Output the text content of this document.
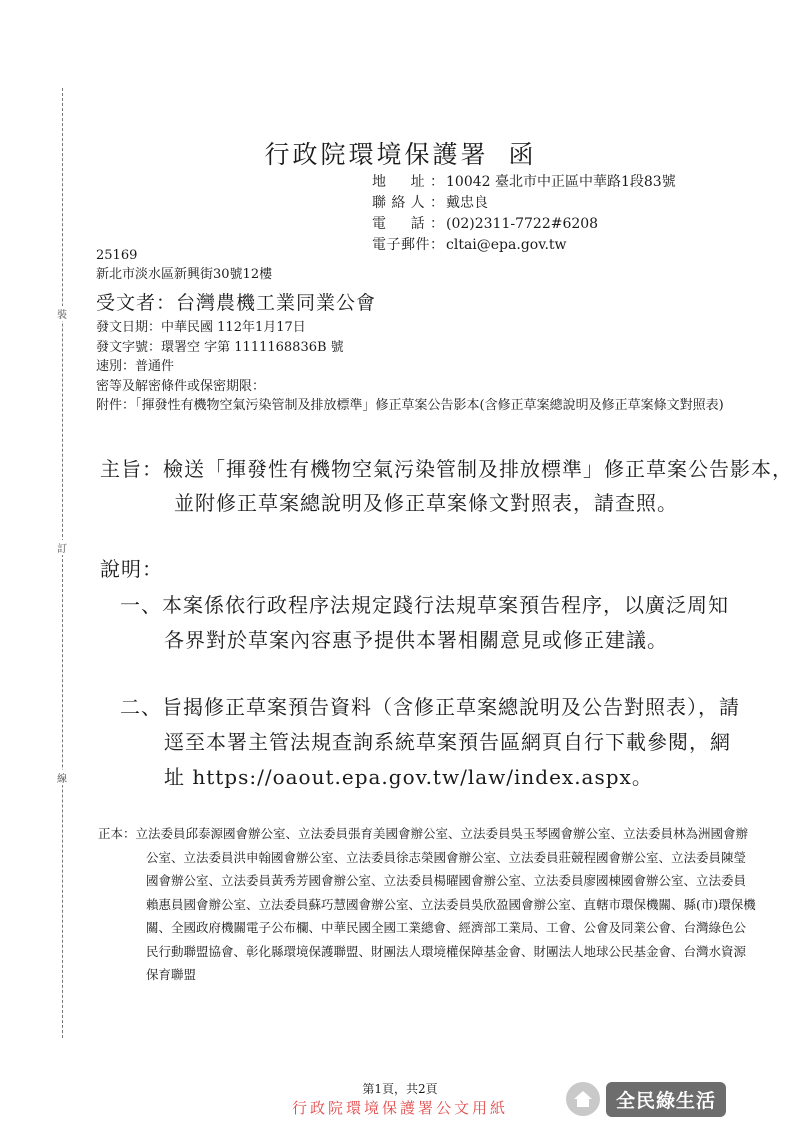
裝
訂
線
行政院環境保護署 函
地　址： 10042 臺北市中正區中華路1段83號
聯絡人： 戴忠良
電　話： (02)2311-7722#6208
電子郵件： cltai@epa.gov.tw
25169
新北市淡水區新興街30號12樓
受文者：台灣農機工業同業公會
發文日期：中華民國 112年1月17日
發文字號：環署空 字第 1111168836B 號
速別：普通件
密等及解密條件或保密期限：
附件：「揮發性有機物空氣污染管制及排放標準」修正草案公告影本(含修正草案總說明及修正草案條文對照表)
主旨：檢送「揮發性有機物空氣污染管制及排放標準」修正草案公告影本，並附修正草案總說明及修正草案條文對照表，請查照。
說明：
一、本案係依行政程序法規定踐行法規草案預告程序，以廣泛周知各界對於草案內容惠予提供本署相關意見或修正建議。
二、旨揭修正草案預告資料（含修正草案總說明及公告對照表），請逕至本署主管法規查詢系統草案預告區網頁自行下載參閱，網址 https://oaout.epa.gov.tw/law/index.aspx。
正本：立法委員邱泰源國會辦公室、立法委員張育美國會辦公室、立法委員吳玉琴國會辦公室、立法委員林為洲國會辦公室、立法委員洪申翰國會辦公室、立法委員徐志榮國會辦公室、立法委員莊競程國會辦公室、立法委員陳瑩國會辦公室、立法委員黃秀芳國會辦公室、立法委員楊曜國會辦公室、立法委員廖國棟國會辦公室、立法委員賴惠員國會辦公室、立法委員蘇巧慧國會辦公室、立法委員吳欣盈國會辦公室、直轄市環保機關、縣(市)環保機關、全國政府機關電子公布欄、中華民國全國工業總會、經濟部工業局、工會、公會及同業公會、台灣綠色公民行動聯盟協會、彰化縣環境保護聯盟、財團法人環境權保障基金會、財團法人地球公民基金會、台灣水資源保育聯盟
第1頁，共2頁
行政院環境保護署公文用紙	全民綠生活
